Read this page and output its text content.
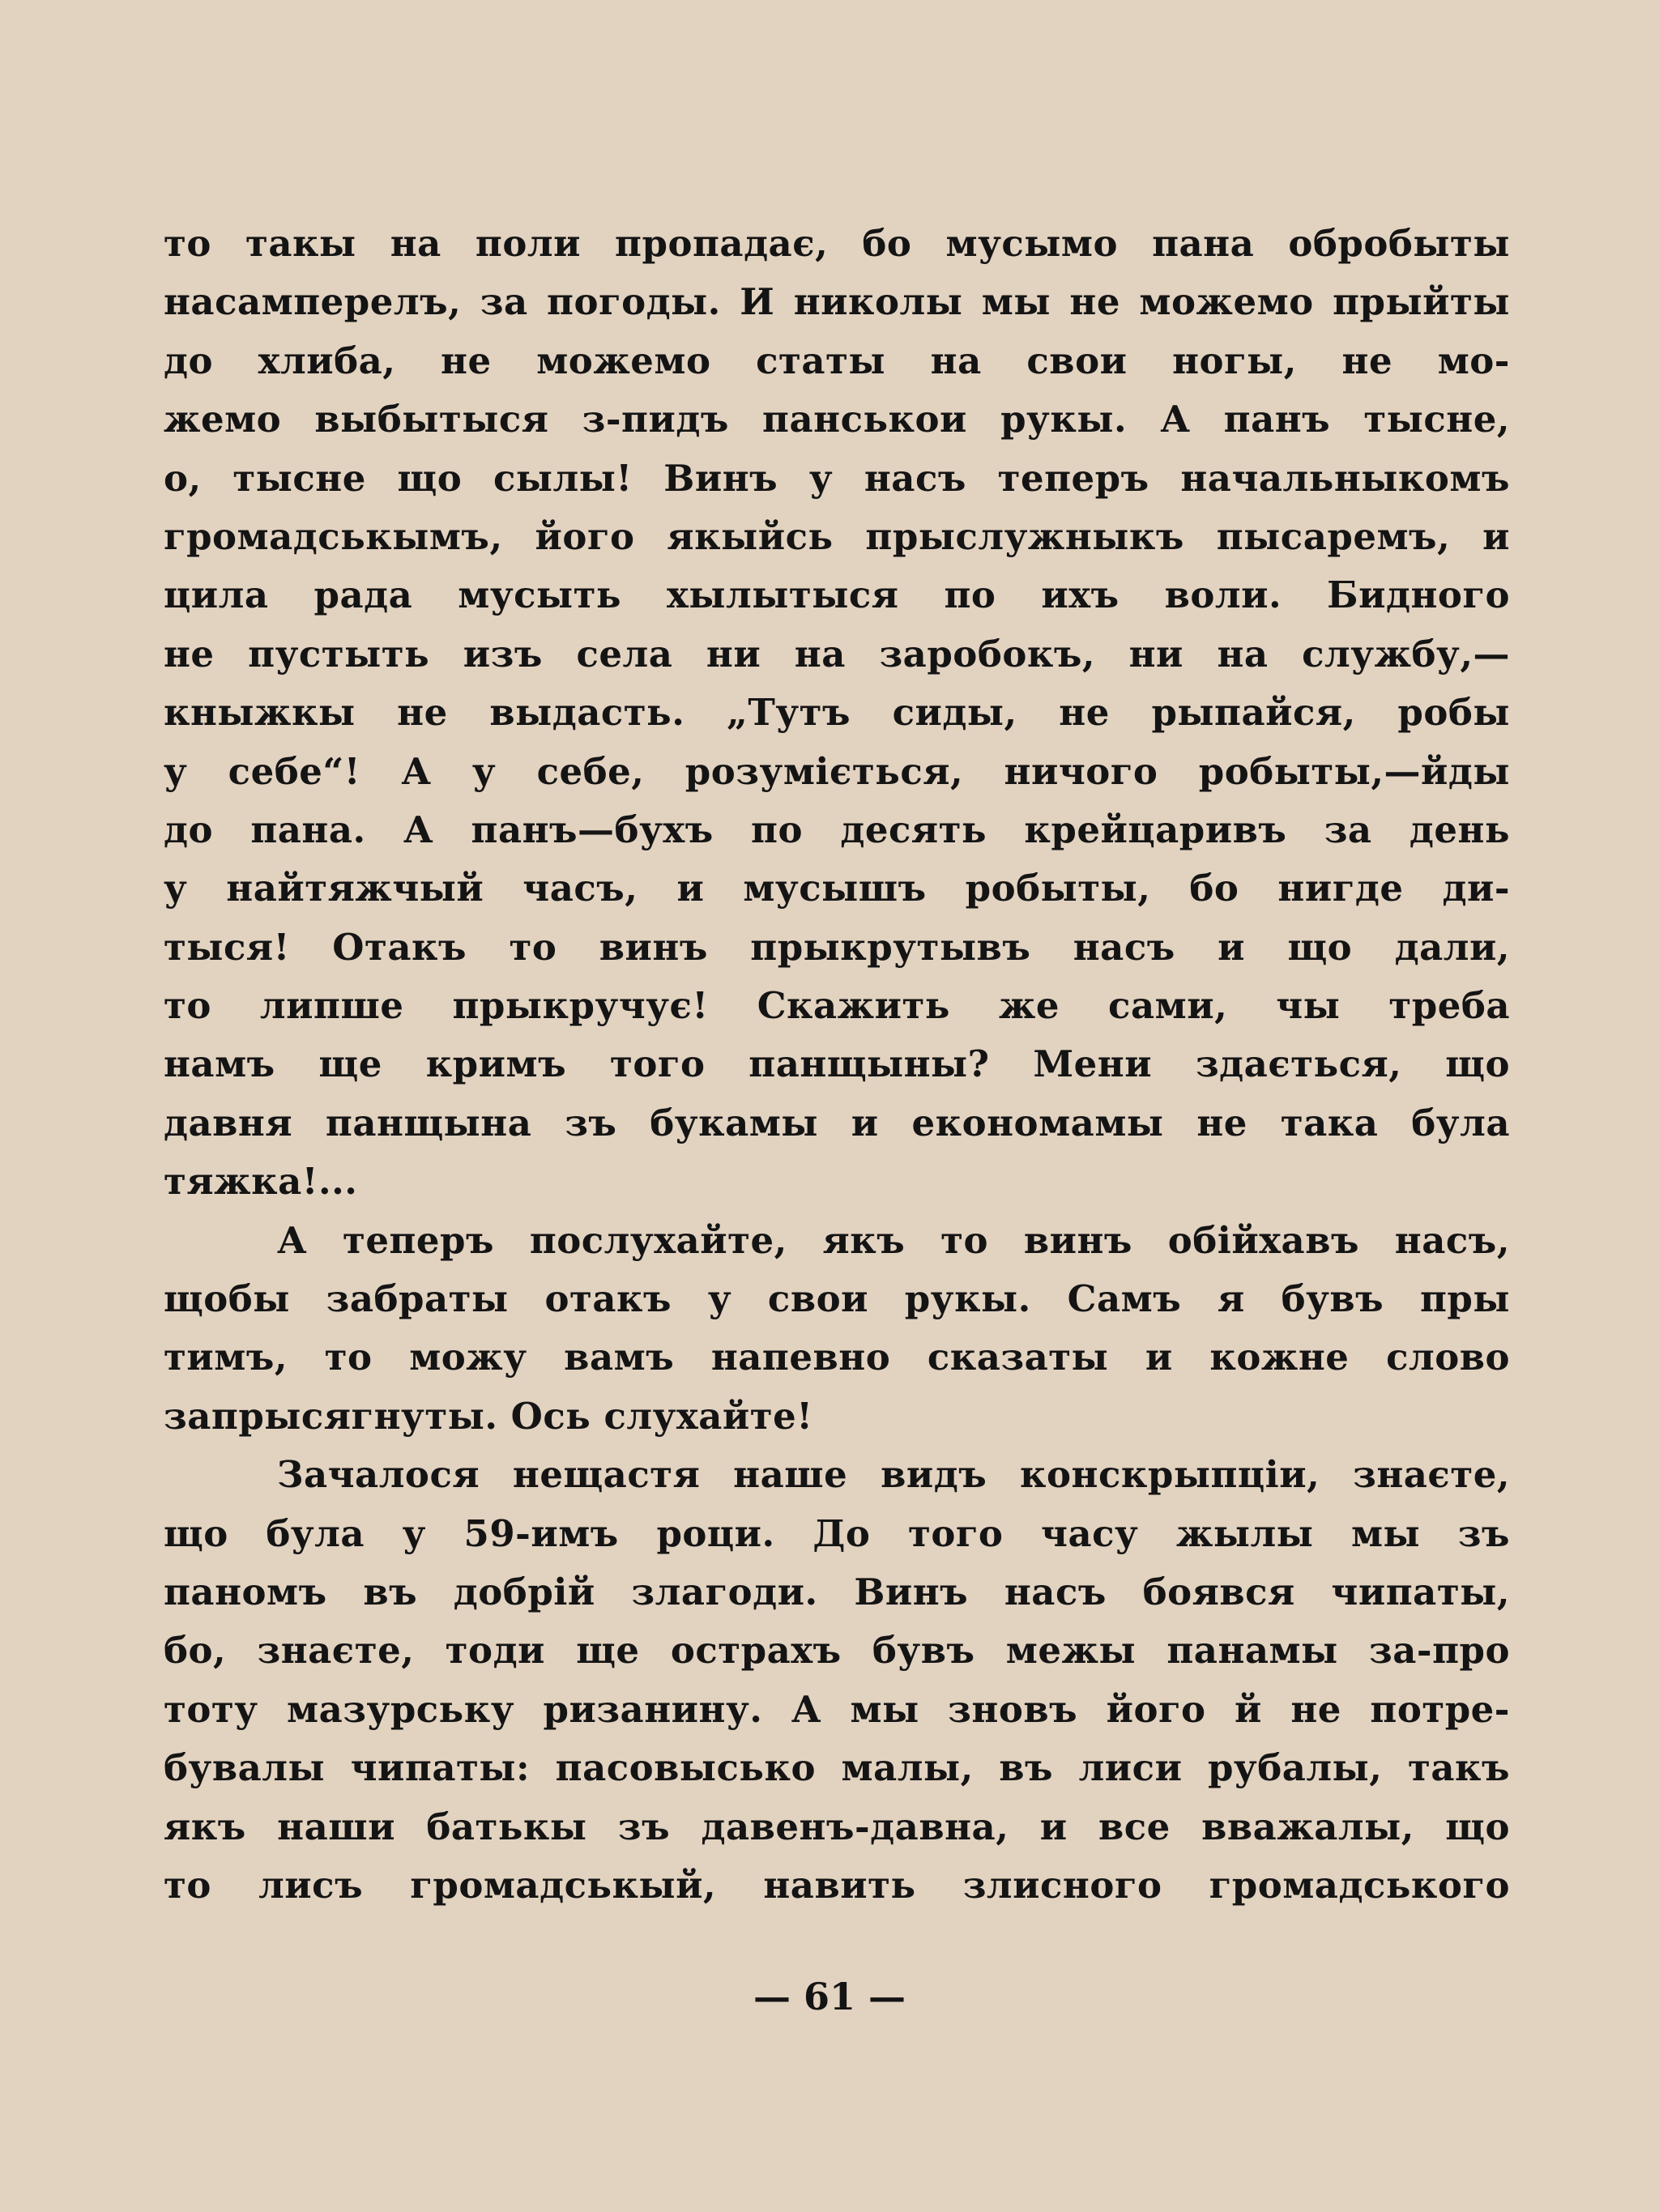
то такы на поли пропадає, бо мусымо пана обробыты
насамперелъ, за погоды. И николы мы не можемо прыйты
до хлиба, не можемо статы на свои ногы, не мо-
жемо выбытыся з-пидъ панськои рукы. А панъ тысне,
о, тысне що сылы! Винъ у насъ теперъ начальныкомъ
громадськымъ, його якыйсь прыслужныкъ пысаремъ, и
цила рада мусыть хылытыся по ихъ воли. Бидного
не пустыть изъ села ни на заробокъ, ни на службу,—
кныжкы не выдасть. „Тутъ сиды, не рыпайся, робы
у себе“! А у себе, розуміється, ничого робыты,—йды
до пана. А панъ—бухъ по десять крейцаривъ за день
у найтяжчый часъ, и мусышъ робыты, бо нигде ди-
тыся! Отакъ то винъ прыкрутывъ насъ и що дали,
то липше прыкручує! Скажить же сами, чы треба
намъ ще кримъ того панщыны? Мени здається, що
давня панщына зъ букамы и економамы не така була
тяжка!...
А теперъ послухайте, якъ то винъ обійхавъ насъ,
щобы забраты отакъ у свои рукы. Самъ я бувъ пры
тимъ, то можу вамъ напевно сказаты и кожне слово
запрысягнуты. Ось слухайте!
Зачалося нещастя наше видъ конскрыпціи, знаєте,
що була у 59-имъ роци. До того часу жылы мы зъ
паномъ въ добрій злагоди. Винъ насъ боявся чипаты,
бо, знаєте, тоди ще острахъ бувъ межы панамы за-про
тоту мазурську ризанину. А мы зновъ його й не потре-
бувалы чипаты: пасовысько малы, въ лиси рубалы, такъ
якъ наши батькы зъ давенъ-давна, и все вважалы, що
то лисъ громадськый, навить злисного громадського
— 61 —
